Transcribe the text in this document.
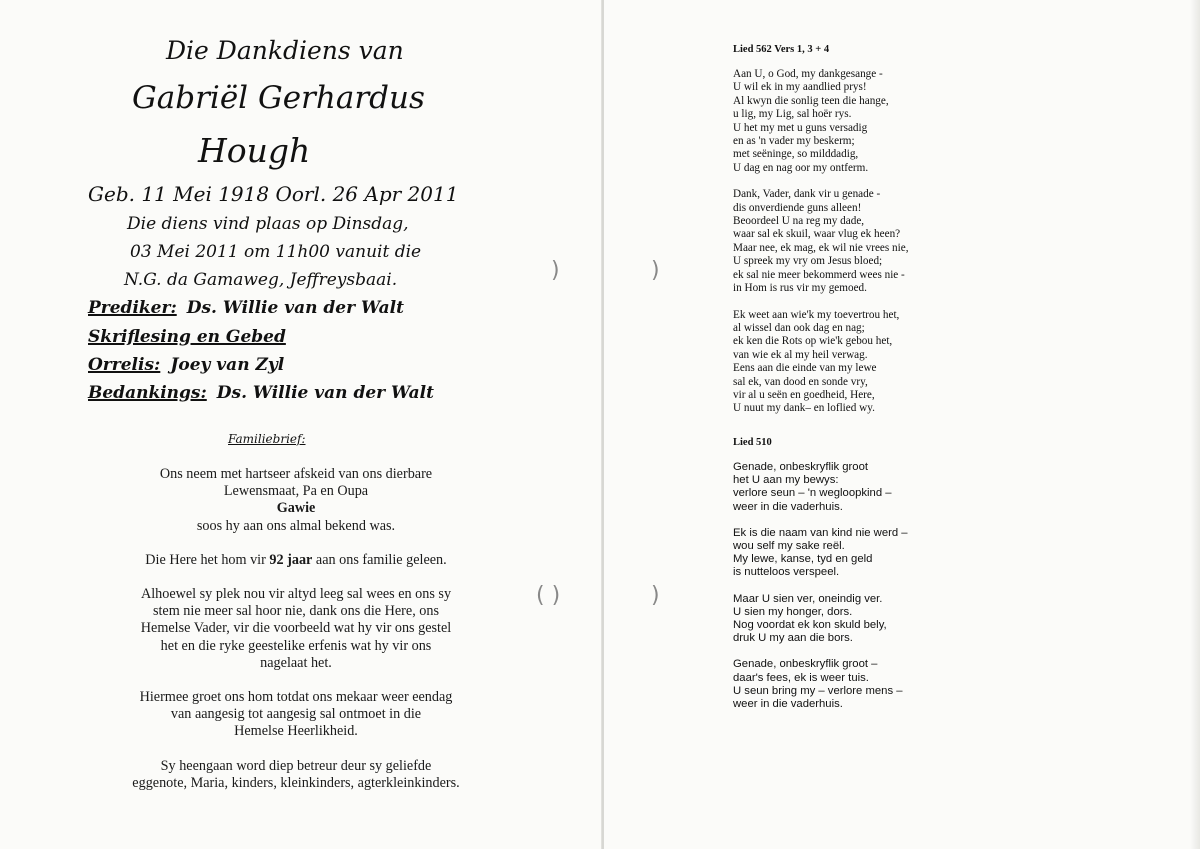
Die Dankdiens van
Gabriël Gerhardus
Hough
Geb. 11 Mei 1918 Oorl. 26 Apr 2011
Die diens vind plaas op Dinsdag,
03 Mei 2011 om 11h00 vanuit die
N.G. da Gamaweg, Jeffreysbaai.
Prediker: Ds. Willie van der Walt
Skriflesing en Gebed
Orrelis: Joey van Zyl
Bedankings: Ds. Willie van der Walt
Familiebrief:

Ons neem met hartseer afskeid van ons dierbare
Lewensmaat, Pa en Oupa
Gawie
soos hy aan ons almal bekend was.

Die Here het hom vir 92 jaar aan ons familie geleen.

Alhoewel sy plek nou vir altyd leeg sal wees en ons sy
stem nie meer sal hoor nie, dank ons die Here, ons
Hemelse Vader, vir die voorbeeld wat hy vir ons gestel
het en die ryke geestelike erfenis wat hy vir ons
nagelaat het.

Hiermee groet ons hom totdat ons mekaar weer eendag
van aangesig tot aangesig sal ontmoet in die
Hemelse Heerlikheid.

Sy heengaan word diep betreur deur sy geliefde
eggenote, Maria, kinders, kleinkinders, agterkleinkinders.

)
( )
)
)
Lied 562 Vers 1, 3 + 4
Aan U, o God, my dankgesange -
U wil ek in my aandlied prys!
Al kwyn die sonlig teen die hange,
u lig, my Lig, sal hoër rys.
U het my met u guns versadig
en as 'n vader my beskerm;
met seëninge, so milddadig,
U dag en nag oor my ontferm.
Dank, Vader, dank vir u genade -
dis onverdiende guns alleen!
Beoordeel U na reg my dade,
waar sal ek skuil, waar vlug ek heen?
Maar nee, ek mag, ek wil nie vrees nie,
U spreek my vry om Jesus bloed;
ek sal nie meer bekommerd wees nie -
in Hom is rus vir my gemoed.
Ek weet aan wie'k my toevertrou het,
al wissel dan ook dag en nag;
ek ken die Rots op wie'k gebou het,
van wie ek al my heil verwag.
Eens aan die einde van my lewe
sal ek, van dood en sonde vry,
vir al u seën en goedheid, Here,
U nuut my dank– en loflied wy.
Lied 510
Genade, onbeskryflik groot
het U aan my bewys:
verlore seun – 'n wegloopkind –
weer in die vaderhuis.
Ek is die naam van kind nie werd –
wou self my sake reël.
My lewe, kanse, tyd en geld
is nutteloos verspeel.
Maar U sien ver, oneindig ver.
U sien my honger, dors.
Nog voordat ek kon skuld bely,
druk U my aan die bors.
Genade, onbeskryflik groot –
daar's fees, ek is weer tuis.
U seun bring my – verlore mens –
weer in die vaderhuis.
